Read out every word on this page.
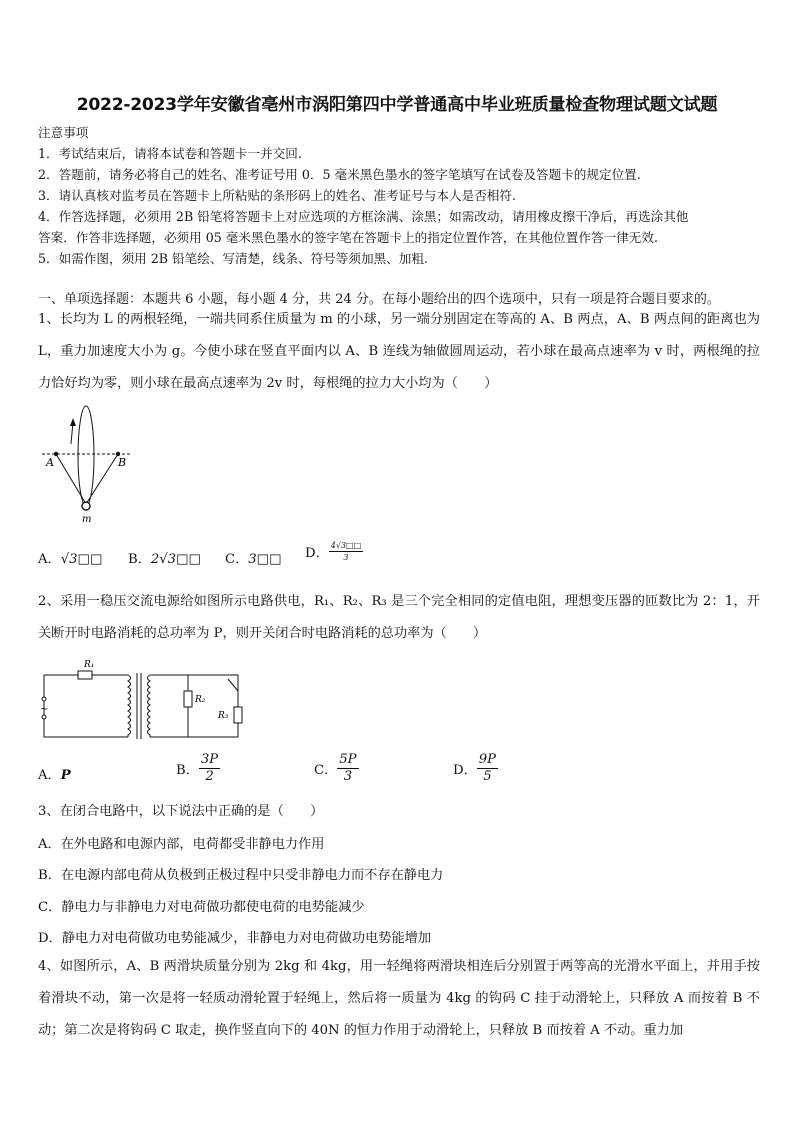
2022-2023学年安徽省亳州市涡阳第四中学普通高中毕业班质量检查物理试题文试题
注意事项
1．考试结束后，请将本试卷和答题卡一并交回.
2．答题前，请务必将自己的姓名、准考证号用 0．5 毫米黑色墨水的签字笔填写在试卷及答题卡的规定位置.
3．请认真核对监考员在答题卡上所粘贴的条形码上的姓名、准考证号与本人是否相符.
4．作答选择题，必须用 2B 铅笔将答题卡上对应选项的方框涂满、涂黑；如需改动，请用橡皮擦干净后，再选涂其他
答案．作答非选择题，必须用 05 毫米黑色墨水的签字笔在答题卡上的指定位置作答，在其他位置作答一律无效.
5．如需作图，须用 2B 铅笔绘、写清楚，线条、符号等须加黑、加粗.
一、单项选择题：本题共 6 小题，每小题 4 分，共 24 分。在每小题给出的四个选项中，只有一项是符合题目要求的。
1、长均为 L 的两根轻绳，一端共同系住质量为 m 的小球，另一端分别固定在等高的 A、B 两点，A、B 两点间的距离也为 L，重力加速度大小为 g。今使小球在竖直平面内以 A、B 连线为轴做圆周运动，若小球在最高点速率为 v 时，两根绳的拉力恰好均为零，则小球在最高点速率为 2v 时，每根绳的拉力大小均为（　　）
A	B
m
A．√3□□ B．2√3□□ C．3□□ D． $\frac{4√3□□}{3}$
2、采用一稳压交流电源给如图所示电路供电，R₁、R₂、R₃ 是三个完全相同的定值电阻，理想变压器的匝数比为 2：1，开关断开时电路消耗的总功率为 P，则开关闭合时电路消耗的总功率为（　　）
R₁
R₂
R₃
~
A．P	B． $\frac{3P}{2}$	C． $\frac{5P}{3}$	D． $\frac{9P}{5}$
3、在闭合电路中，以下说法中正确的是（　　）
A．在外电路和电源内部，电荷都受非静电力作用
B．在电源内部电荷从负极到正极过程中只受非静电力而不存在静电力
C．静电力与非静电力对电荷做功都使电荷的电势能减少
D．静电力对电荷做功电势能减少，非静电力对电荷做功电势能增加
4、如图所示，A、B 两滑块质量分别为 2kg 和 4kg，用一轻绳将两滑块相连后分别置于两等高的光滑水平面上，并用手按着滑块不动，第一次是将一轻质动滑轮置于轻绳上，然后将一质量为 4kg 的钩码 C 挂于动滑轮上，只释放 A 而按着 B 不动；第二次是将钩码 C 取走，换作竖直向下的 40N 的恒力作用于动滑轮上，只释放 B 而按着 A 不动。重力加
